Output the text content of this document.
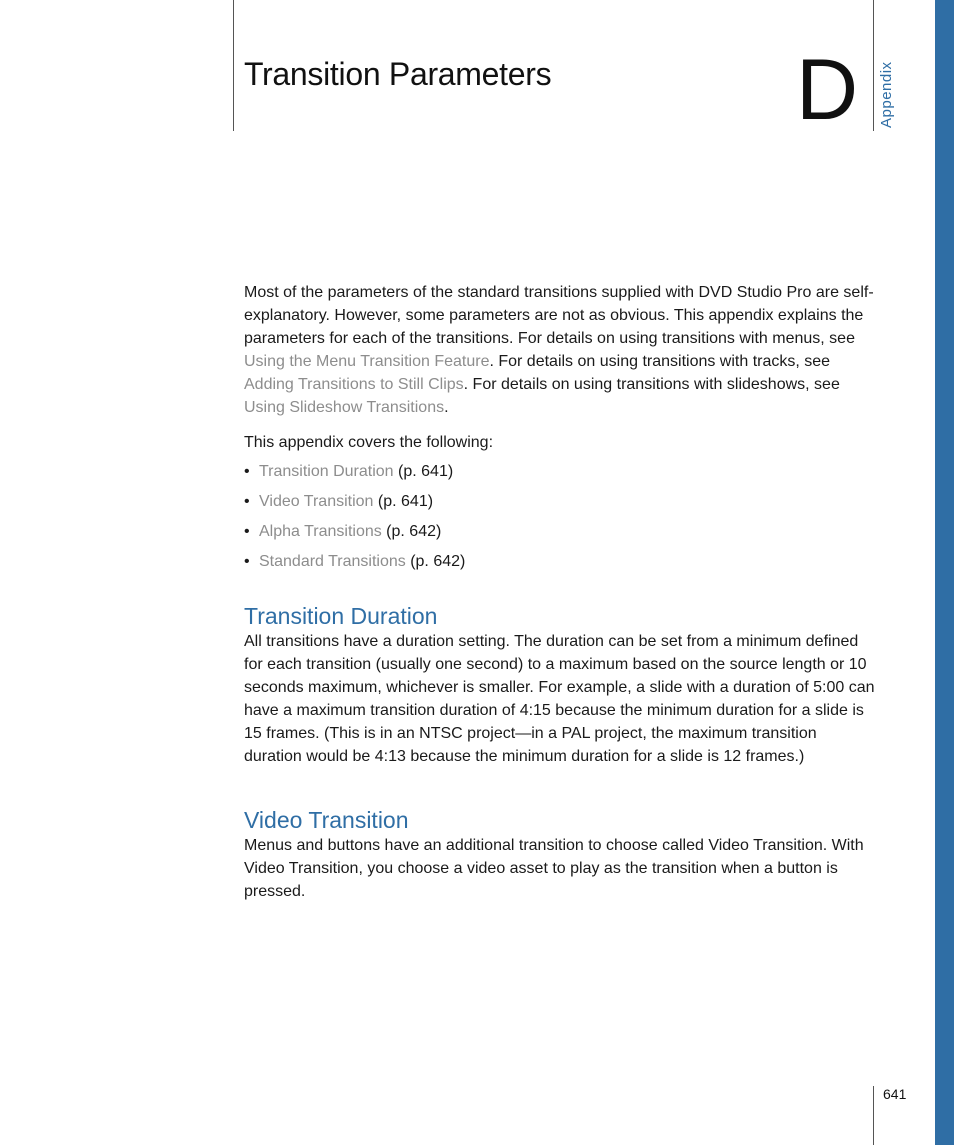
Transition Parameters	D Appendix

Most of the parameters of the standard transitions supplied with DVD Studio Pro are self-explanatory. However, some parameters are not as obvious. This appendix explains the parameters for each of the transitions. For details on using transitions with menus, see Using the Menu Transition Feature. For details on using transitions with tracks, see Adding Transitions to Still Clips. For details on using transitions with slideshows, see Using Slideshow Transitions.

This appendix covers the following:

• Transition Duration (p. 641)
• Video Transition (p. 641)
• Alpha Transitions (p. 642)
• Standard Transitions (p. 642)
Transition Duration

All transitions have a duration setting. The duration can be set from a minimum defined for each transition (usually one second) to a maximum based on the source length or 10 seconds maximum, whichever is smaller. For example, a slide with a duration of 5:00 can have a maximum transition duration of 4:15 because the minimum duration for a slide is 15 frames. (This is in an NTSC project—in a PAL project, the maximum transition duration would be 4:13 because the minimum duration for a slide is 12 frames.)

Video Transition

Menus and buttons have an additional transition to choose called Video Transition. With Video Transition, you choose a video asset to play as the transition when a button is pressed.

641
